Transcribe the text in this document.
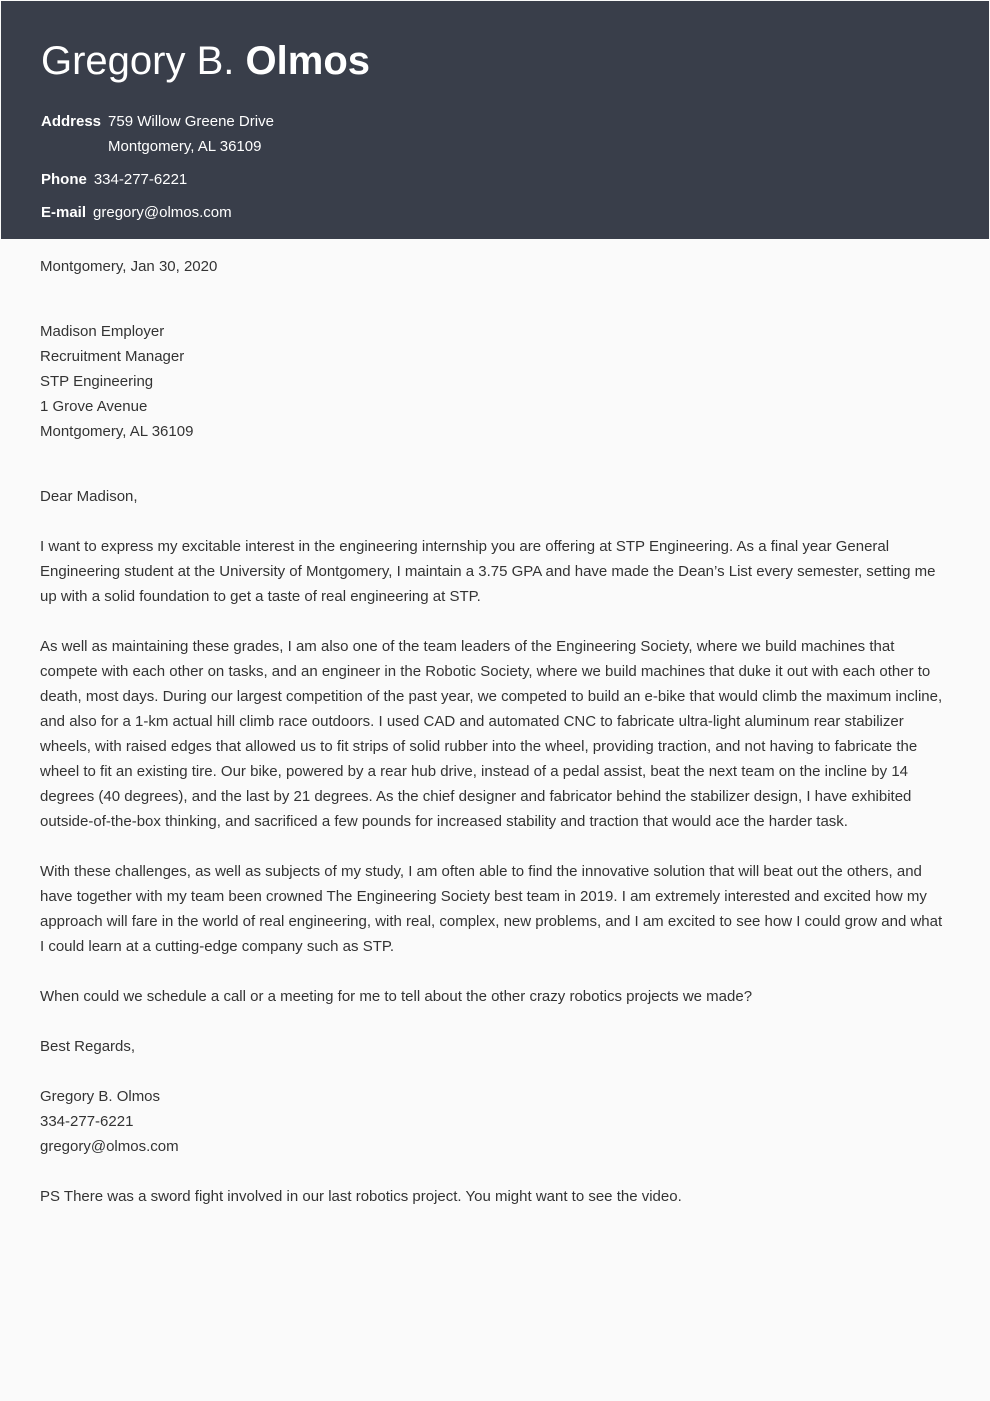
Gregory B. Olmos
Address 759 Willow Greene Drive
Montgomery, AL 36109
Phone 334-277-6221
E-mail gregory@olmos.com

Montgomery, Jan 30, 2020

Madison Employer
Recruitment Manager
STP Engineering
1 Grove Avenue
Montgomery, AL 36109

Dear Madison,

I want to express my excitable interest in the engineering internship you are offering at STP Engineering. As a final year General Engineering student at the University of Montgomery, I maintain a 3.75 GPA and have made the Dean’s List every semester, setting me up with a solid foundation to get a taste of real engineering at STP.

As well as maintaining these grades, I am also one of the team leaders of the Engineering Society, where we build machines that compete with each other on tasks, and an engineer in the Robotic Society, where we build machines that duke it out with each other to death, most days. During our largest competition of the past year, we competed to build an e-bike that would climb the maximum incline, and also for a 1-km actual hill climb race outdoors. I used CAD and automated CNC to fabricate ultra-light aluminum rear stabilizer wheels, with raised edges that allowed us to fit strips of solid rubber into the wheel, providing traction, and not having to fabricate the wheel to fit an existing tire. Our bike, powered by a rear hub drive, instead of a pedal assist, beat the next team on the incline by 14 degrees (40 degrees), and the last by 21 degrees. As the chief designer and fabricator behind the stabilizer design, I have exhibited outside-of-the-box thinking, and sacrificed a few pounds for increased stability and traction that would ace the harder task.

With these challenges, as well as subjects of my study, I am often able to find the innovative solution that will beat out the others, and have together with my team been crowned The Engineering Society best team in 2019. I am extremely interested and excited how my approach will fare in the world of real engineering, with real, complex, new problems, and I am excited to see how I could grow and what I could learn at a cutting-edge company such as STP.

When could we schedule a call or a meeting for me to tell about the other crazy robotics projects we made?

Best Regards,

Gregory B. Olmos
334-277-6221
gregory@olmos.com

PS There was a sword fight involved in our last robotics project. You might want to see the video.
